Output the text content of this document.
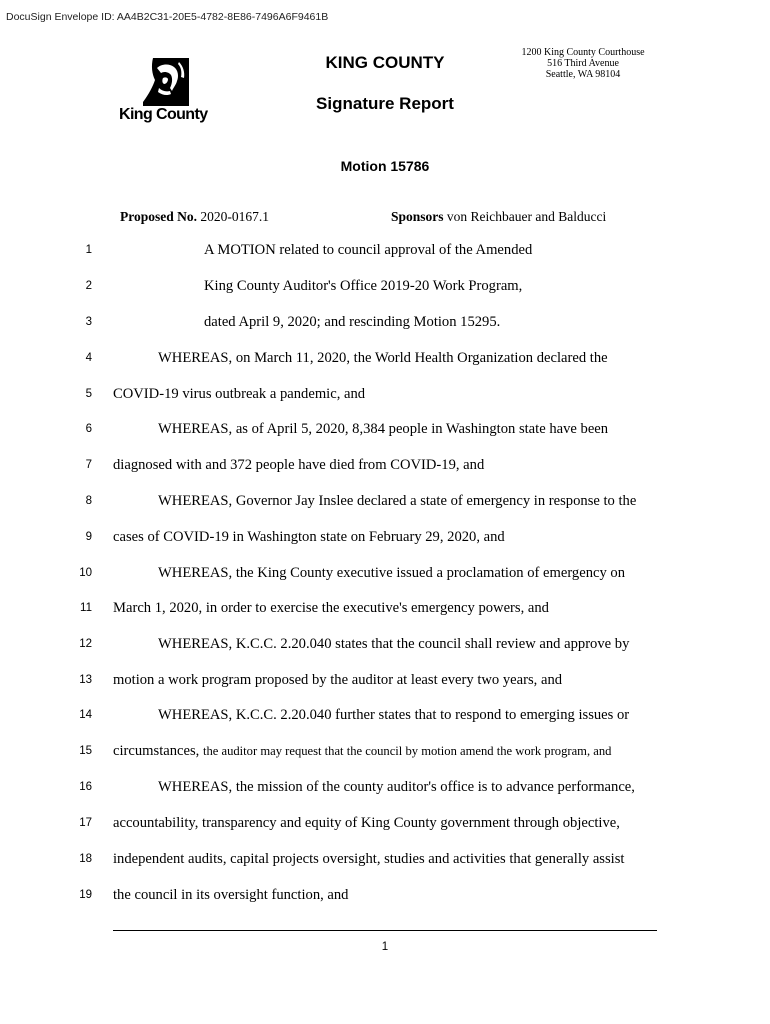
DocuSign Envelope ID: AA4B2C31-20E5-4782-8E86-7496A6F9461B
King County
KING COUNTY
Signature Report
1200 King County Courthouse
516 Third Avenue
Seattle, WA 98104
Motion 15786
Proposed No. 2020-0167.1	Sponsors von Reichbauer and Balducci
1	A MOTION related to council approval of the Amended
2	King County Auditor's Office 2019-20 Work Program,
3	dated April 9, 2020; and rescinding Motion 15295.
4	WHEREAS, on March 11, 2020, the World Health Organization declared the
5 COVID-19 virus outbreak a pandemic, and
6	WHEREAS, as of April 5, 2020, 8,384 people in Washington state have been
7 diagnosed with and 372 people have died from COVID-19, and
8	WHEREAS, Governor Jay Inslee declared a state of emergency in response to the
9 cases of COVID-19 in Washington state on February 29, 2020, and
10	WHEREAS, the King County executive issued a proclamation of emergency on
11 March 1, 2020, in order to exercise the executive's emergency powers, and
12	WHEREAS, K.C.C. 2.20.040 states that the council shall review and approve by
13 motion a work program proposed by the auditor at least every two years, and
14	WHEREAS, K.C.C. 2.20.040 further states that to respond to emerging issues or
15 circumstances, the auditor may request that the council by motion amend the work program, and
16	WHEREAS, the mission of the county auditor's office is to advance performance,
17 accountability, transparency and equity of King County government through objective,
18 independent audits, capital projects oversight, studies and activities that generally assist
19 the council in its oversight function, and
1
